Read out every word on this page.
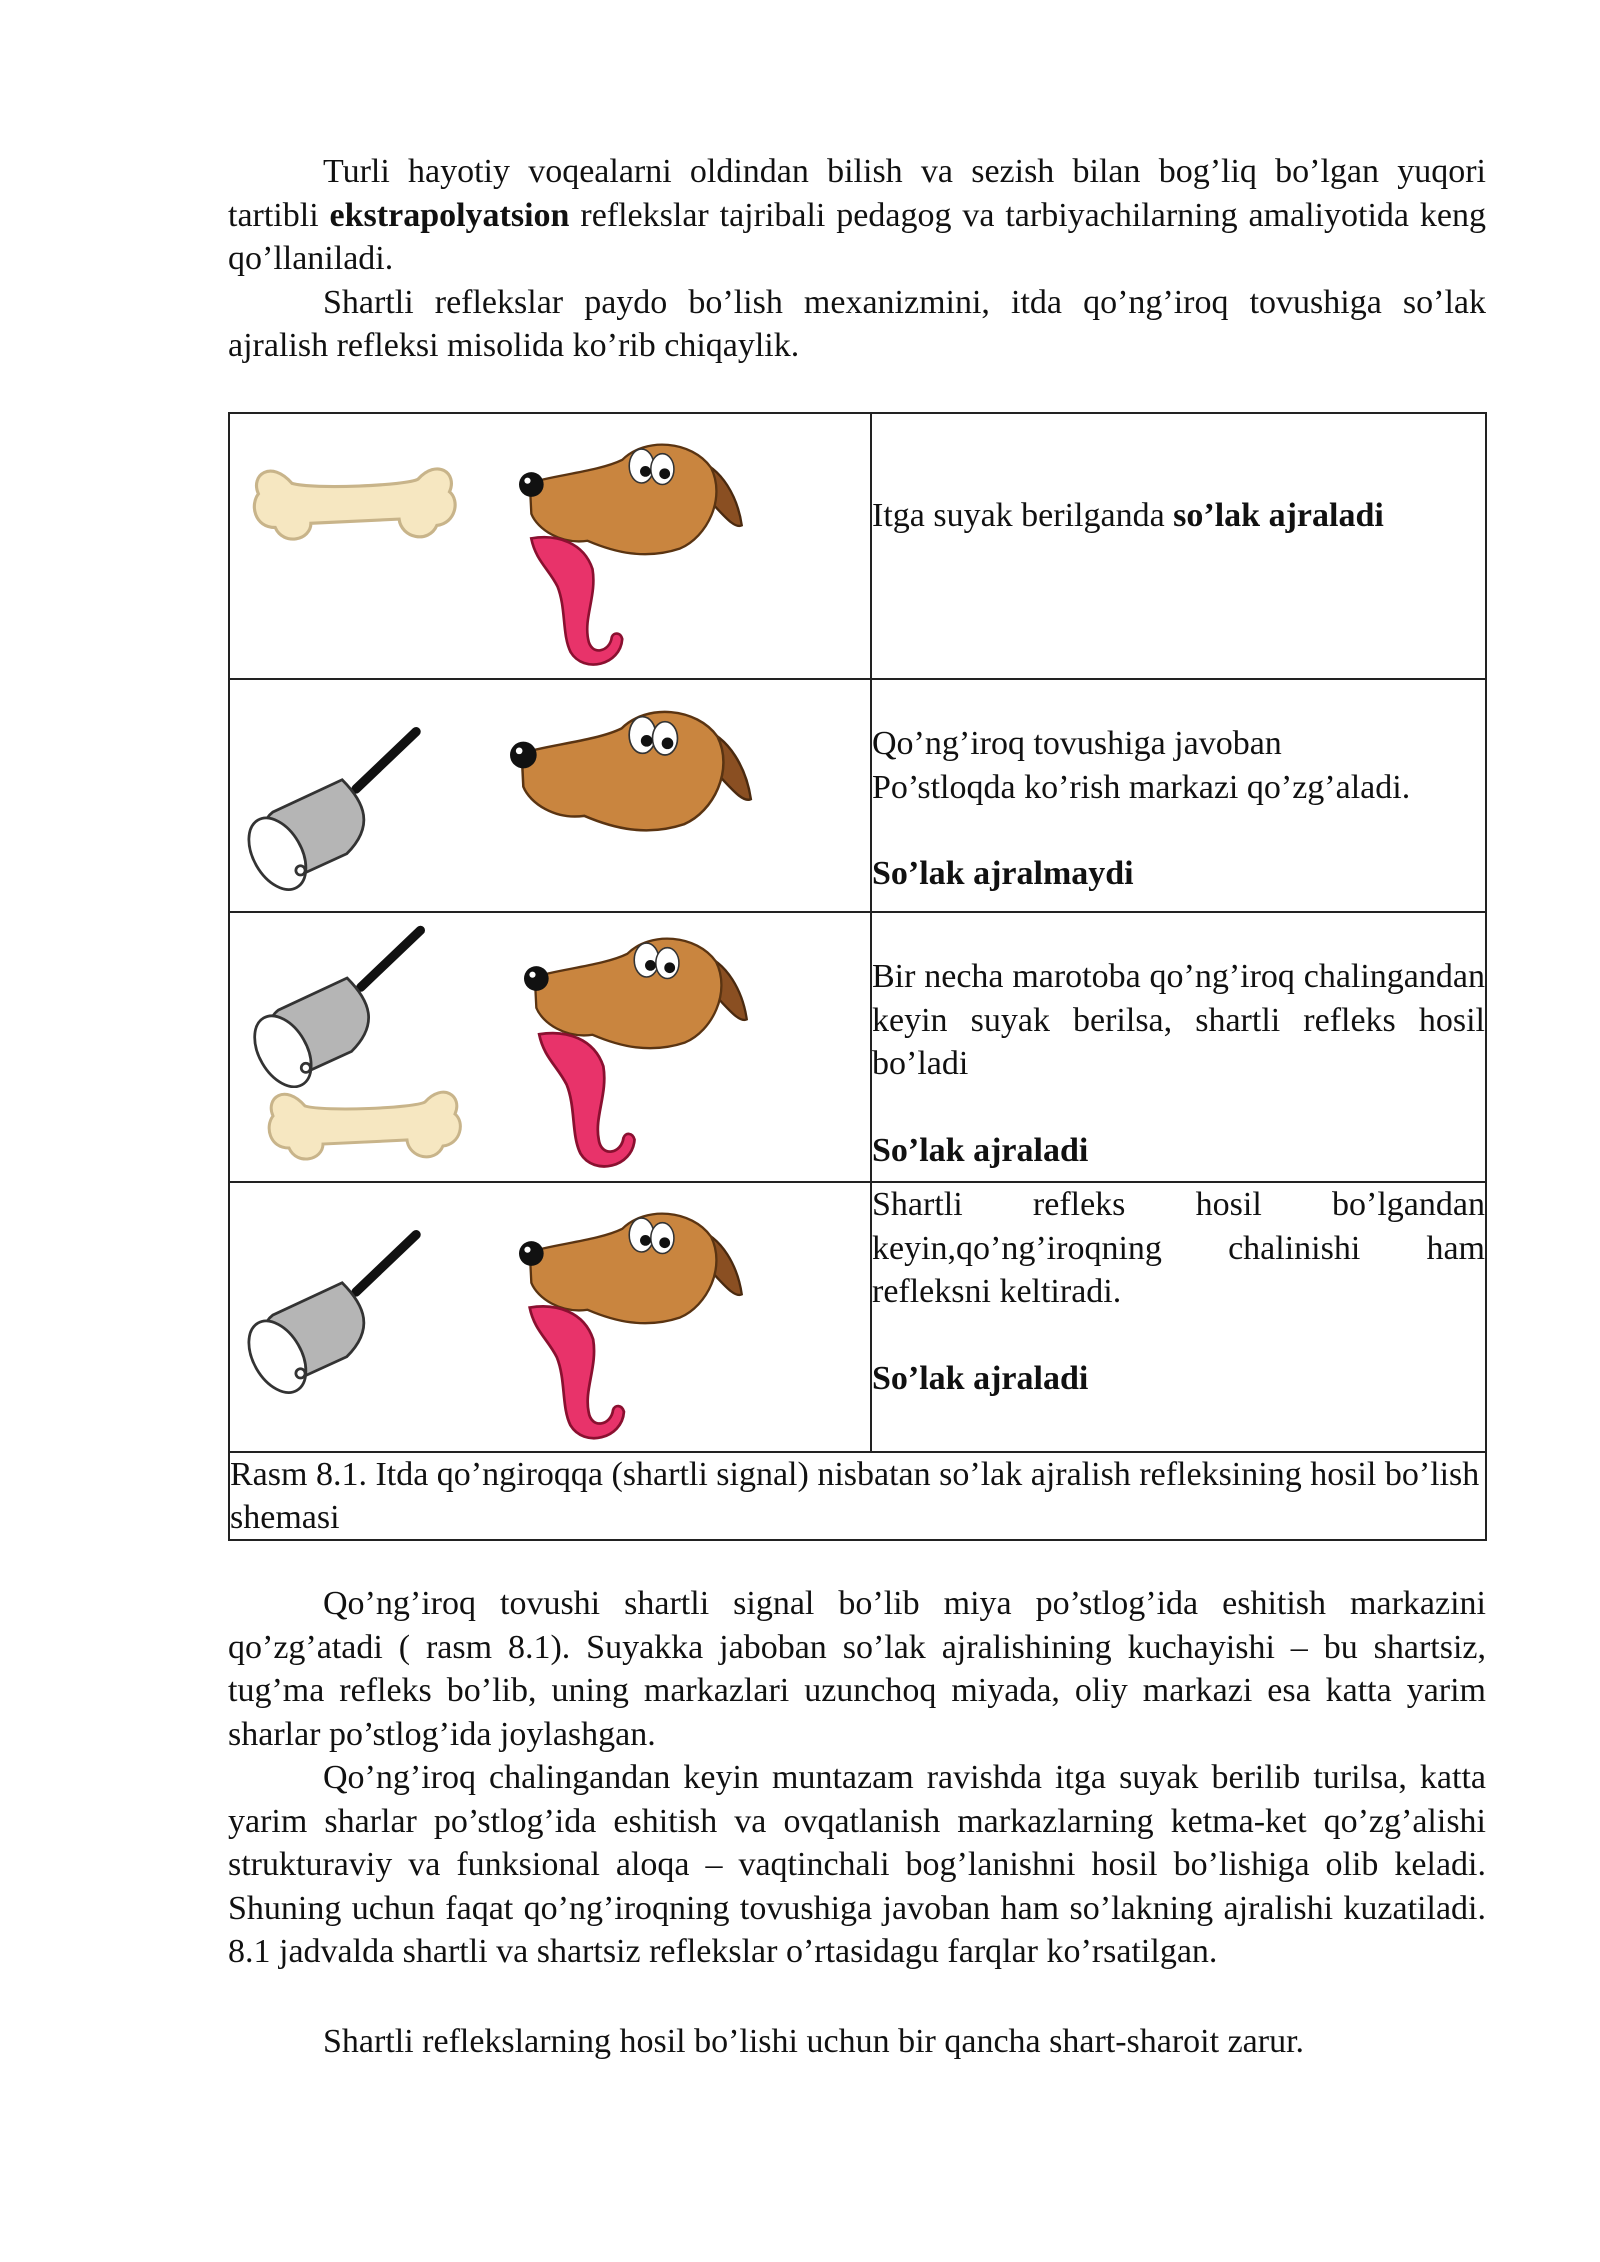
Turli hayotiy voqealarni oldindan bilish va sezish bilan bog’liq bo’lgan yuqori tartibli ekstrapolyatsion reflekslar tajribali pedagog va tarbiyachilarning amaliyotida keng qo’llaniladi.

Shartli reflekslar paydo bo’lish mexanizmini, itda qo’ng’iroq tovushiga so’lak ajralish refleksi misolida ko’rib chiqaylik.

	Itga suyak berilganda so’lak ajraladi

Qo’ng’iroq tovushiga javoban
Po’stloqda ko’rish markazi qo’zg’aladi.
So’lak ajralmaydi

Bir necha marotoba qo’ng’iroq chalingandan keyin suyak berilsa, shartli refleks hosil bo’ladi
So’lak ajraladi

Shartli refleks hosil bo’lgandan keyin,qo’ng’iroqning chalinishi ham refleksni keltiradi.
So’lak ajraladi

Rasm 8.1. Itda qo’ngiroqqa (shartli signal) nisbatan so’lak ajralish refleksining hosil bo’lish shemasi	

Qo’ng’iroq tovushi shartli signal bo’lib miya po’stlog’ida eshitish markazini qo’zg’atadi ( rasm 8.1). Suyakka jaboban so’lak ajralishining kuchayishi – bu shartsiz, tug’ma refleks bo’lib, uning markazlari uzunchoq miyada, oliy markazi esa katta yarim sharlar po’stlog’ida joylashgan.

Qo’ng’iroq chalingandan keyin muntazam ravishda itga suyak berilib turilsa, katta yarim sharlar po’stlog’ida eshitish va ovqatlanish markazlarning ketma-ket qo’zg’alishi strukturaviy va funksional aloqa – vaqtinchali bog’lanishni hosil bo’lishiga olib keladi. Shuning uchun faqat qo’ng’iroqning tovushiga javoban ham so’lakning ajralishi kuzatiladi. 8.1 jadvalda shartli va shartsiz reflekslar o’rtasidagu farqlar ko’rsatilgan.

Shartli reflekslarning hosil bo’lishi uchun bir qancha shart-sharoit zarur.
